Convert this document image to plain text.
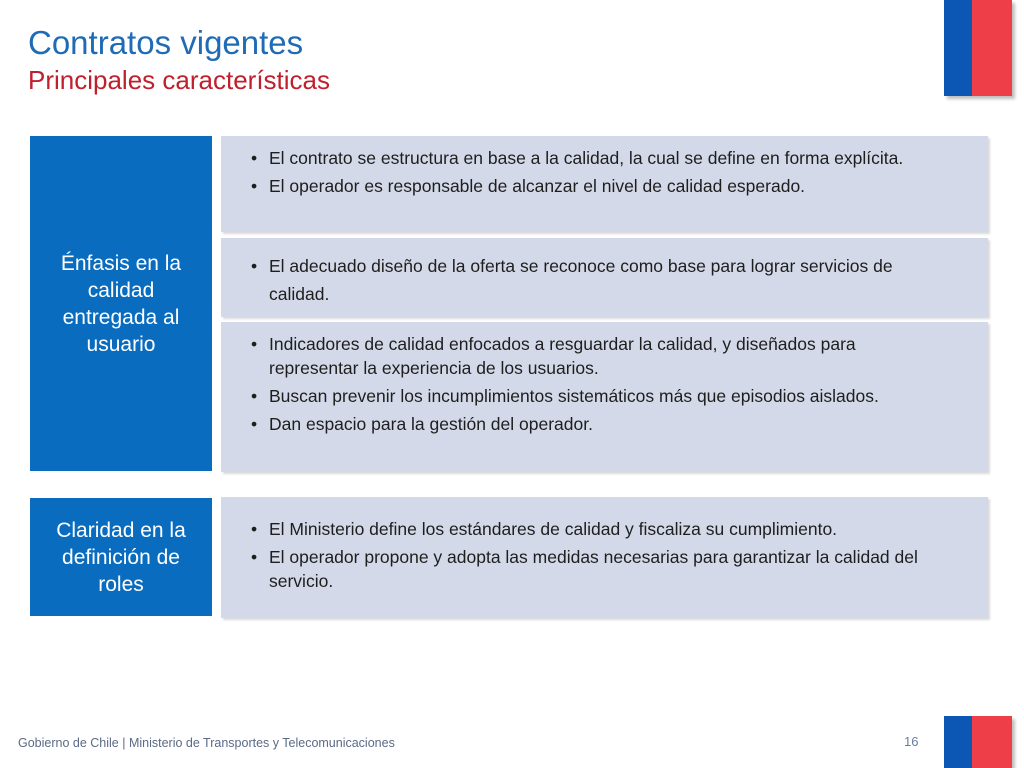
Contratos vigentes
Principales características
Énfasis en la calidad entregada al usuario
• El contrato se estructura en base a la calidad, la cual se define en forma explícita.
• El operador es responsable de alcanzar el nivel de calidad esperado.
• El adecuado diseño de la oferta se reconoce como base para lograr servicios de calidad.
• Indicadores de calidad enfocados a resguardar la calidad, y diseñados para representar la experiencia de los usuarios.
• Buscan prevenir los incumplimientos sistemáticos más que episodios aislados.
• Dan espacio para la gestión del operador.
Claridad en la definición de roles
• El Ministerio define los estándares de calidad y fiscaliza su cumplimiento.
• El operador propone y adopta las medidas necesarias para garantizar la calidad del servicio.
Gobierno de Chile | Ministerio de Transportes y Telecomunicaciones	16
